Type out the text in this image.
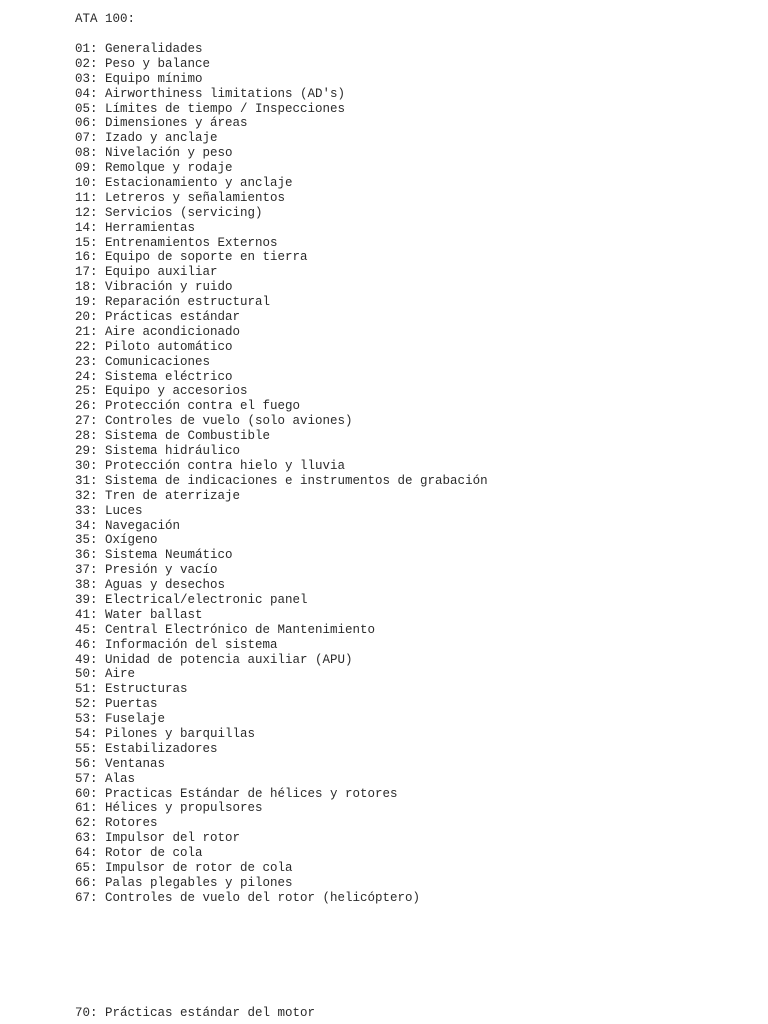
ATA 100:
01: Generalidades
02: Peso y balance
03: Equipo mínimo
04: Airworthiness limitations (AD's)
05: Límites de tiempo / Inspecciones
06: Dimensiones y áreas
07: Izado y anclaje
08: Nivelación y peso
09: Remolque y rodaje
10: Estacionamiento y anclaje
11: Letreros y señalamientos
12: Servicios (servicing)
14: Herramientas
15: Entrenamientos Externos
16: Equipo de soporte en tierra
17: Equipo auxiliar
18: Vibración y ruido
19: Reparación estructural
20: Prácticas estándar
21: Aire acondicionado
22: Piloto automático
23: Comunicaciones
24: Sistema eléctrico
25: Equipo y accesorios
26: Protección contra el fuego
27: Controles de vuelo (solo aviones)
28: Sistema de Combustible
29: Sistema hidráulico
30: Protección contra hielo y lluvia
31: Sistema de indicaciones e instrumentos de grabación
32: Tren de aterrizaje
33: Luces
34: Navegación
35: Oxígeno
36: Sistema Neumático
37: Presión y vacío
38: Aguas y desechos
39: Electrical/electronic panel
41: Water ballast
45: Central Electrónico de Mantenimiento
46: Información del sistema
49: Unidad de potencia auxiliar (APU)
50: Aire
51: Estructuras
52: Puertas
53: Fuselaje
54: Pilones y barquillas
55: Estabilizadores
56: Ventanas
57: Alas
60: Practicas Estándar de hélices y rotores
61: Hélices y propulsores
62: Rotores
63: Impulsor del rotor
64: Rotor de cola
65: Impulsor de rotor de cola
66: Palas plegables y pilones
67: Controles de vuelo del rotor (helicóptero)
70: Prácticas estándar del motor
